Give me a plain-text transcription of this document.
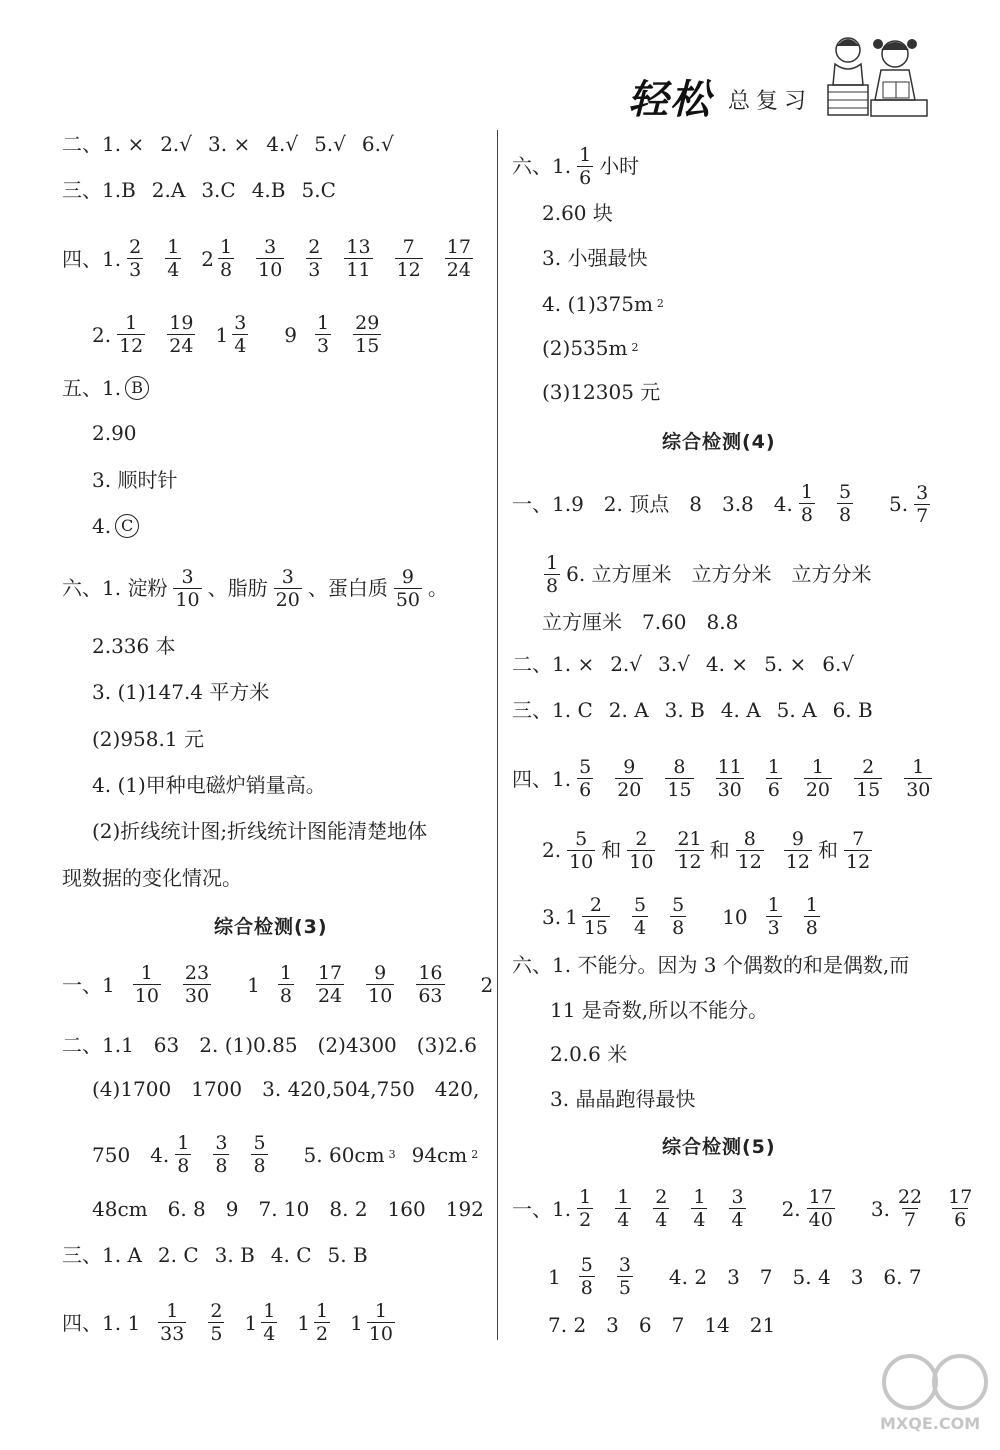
轻松 总复习
二、1. × 2.√ 3. × 4.√ 5.√ 6.√
三、1.B 2.A 3.C 4.B 5.C
四、1. $\frac{2}{3} \frac{1}{4} 2 \frac{1}{8} \frac{3}{10} \frac{2}{3} \frac{13}{11} \frac{7}{12} \frac{17}{24}$
2. $\frac{1}{12} \frac{19}{24} 1 \frac{3}{4} 9 \frac{1}{3} \frac{29}{15}$
五、1. B
2.90
3. 顺时针
4. C
六、1. 淀粉 $\frac{3}{10}$ 、脂肪 $\frac{3}{20}$ 、蛋白质 $\frac{9}{50}$ 。
2.336 本
3. (1)147.4 平方米
(2)958.1 元
4. (1)甲种电磁炉销量高。
(2)折线统计图;折线统计图能清楚地体
现数据的变化情况。
综合检测(3)
一、$1 \frac{1}{10} \frac{23}{30} 1 \frac{1}{8} \frac{17}{24} \frac{9}{10} \frac{16}{63} 2$
二、1.1　63　2. (1)0.85　(2)4300　(3)2.6
(4)1700　1700　3. 420,504,750　420,
750　4. $\frac{1}{8} \frac{3}{8} \frac{5}{8} 5$. 60cm 3 94cm 2
48cm　6. 8　9　7. 10　8. 2　160　192
三、1. A 2. C 3. B 4. C 5. B
四、1. $1 \frac{1}{33} \frac{2}{5} 1 \frac{1}{4} 1 \frac{1}{2} 1 \frac{1}{10}$
六、1. $\frac{1}{6}$ 小时
2.60 块
3. 小强最快
4. (1)375m 2
(2)535m 2
(3)12305 元
综合检测(4)
一、1.9　2. 顶点　8　3.8　4. $\frac{1}{8} \frac{5}{8} 5$. $\frac{3}{7}$
$\frac{1}{8} 6$. 立方厘米　立方分米　立方分米
立方厘米　7.60　8.8
二、1. × 2.√ 3.√ 4. × 5. × 6.√
三、1. C 2. A 3. B 4. A 5. A 6. B
四、1. $\frac{5}{6} \frac{9}{20} \frac{8}{15} \frac{11}{30} \frac{1}{6} \frac{1}{20} \frac{2}{15} \frac{1}{30}$
2. $\frac{5}{10}$ 和 $\frac{2}{10} \frac{21}{12}$ 和 $\frac{8}{12} \frac{9}{12}$ 和 $\frac{7}{12}$
3. $1 \frac{2}{15} \frac{5}{4} \frac{5}{8} 10 \frac{1}{3} \frac{1}{8}$
六、1. 不能分。因为 3 个偶数的和是偶数,而
11 是奇数,所以不能分。
2.0.6 米
3. 晶晶跑得最快
综合检测(5)
一、1. $\frac{1}{2} \frac{1}{4} \frac{2}{4} \frac{1}{4} \frac{3}{4} 2$. $\frac{17}{40} 3$. $\frac{22}{7} \frac{17}{6}$
$1 \frac{5}{8} \frac{3}{5} 4$. 2　3　7　5. 4　3　6. 7
7. 2　3　6　7　14　21
MXQE.COM
